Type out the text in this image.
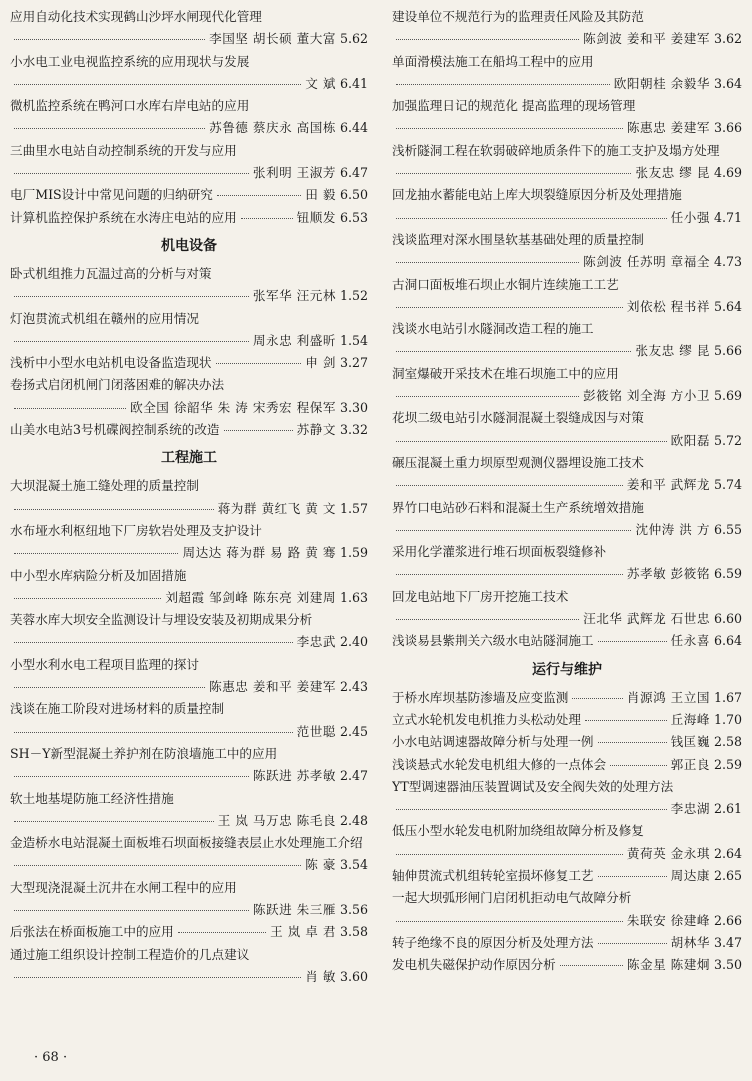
应用自动化技术实现鹤山沙坪水闸现代化管理
李国坚 胡长硕 董大富 5.62
小水电工业电视监控系统的应用现状与发展
文 斌 6.41
微机监控系统在鸭河口水库右岸电站的应用
苏鲁德 蔡庆永 高国栋 6.44
三曲里水电站自动控制系统的开发与应用
张利明 王淑芳 6.47
电厂MIS设计中常见问题的归纳研究	田 毅 6.50
计算机监控保护系统在水涛庄电站的应用	钮顺发 6.53
机电设备
卧式机组推力瓦温过高的分析与对策
张军华 汪元林 1.52
灯泡贯流式机组在赣州的应用情况
周永忠 利盛昕 1.54
浅析中小型水电站机电设备监造现状	申 剑 3.27
卷扬式启闭机闸门闭落困难的解决办法
欧全国 徐韶华 朱 涛 宋秀宏 程保军 3.30
山美水电站3号机碟阀控制系统的改造	苏静文 3.32
工程施工
大坝混凝土施工缝处理的质量控制
蒋为群 黄红飞 黄 文 1.57
水布垭水利枢纽地下厂房软岩处理及支护设计
周达达 蒋为群 易 路 黄 骞 1.59
中小型水库病险分析及加固措施
刘超霞 邹剑峰 陈东亮 刘建周 1.63
芙蓉水库大坝安全监测设计与埋设安装及初期成果分析
李忠武 2.40
小型水利水电工程项目监理的探讨
陈惠忠 姜和平 姜建军 2.43
浅谈在施工阶段对进场材料的质量控制
范世聪 2.45
SH－Y新型混凝土养护剂在防浪墙施工中的应用
陈跃进 苏孝敏 2.47
软土地基堤防施工经济性措施
王 岚 马万忠 陈毛良 2.48
金造桥水电站混凝土面板堆石坝面板接缝表层止水处理施工介绍
陈 豪 3.54
大型现浇混凝土沉井在水闸工程中的应用
陈跃进 朱三雁 3.56
后张法在桥面板施工中的应用	王 岚 卓 君 3.58
通过施工组织设计控制工程造价的几点建议
肖 敏 3.60
建设单位不规范行为的监理责任风险及其防范
陈剑波 姜和平 姜建军 3.62
单面滑模法施工在船坞工程中的应用
欧阳朝桂 余毅华 3.64
加强监理日记的规范化 提高监理的现场管理
陈惠忠 姜建军 3.66
浅析隧洞工程在软弱破碎地质条件下的施工支护及塌方处理
张友忠 缪 昆 4.69
回龙抽水蓄能电站上库大坝裂缝原因分析及处理措施
任小强 4.71
浅谈监理对深水围垦软基基础处理的质量控制
陈剑波 任苏明 章福全 4.73
古洞口面板堆石坝止水铜片连续施工工艺
刘依松 程书祥 5.64
浅谈水电站引水隧洞改造工程的施工
张友忠 缪 昆 5.66
洞室爆破开采技术在堆石坝施工中的应用
彭筱铭 刘全海 方小卫 5.69
花坝二级电站引水隧洞混凝土裂缝成因与对策
欧阳磊 5.72
碾压混凝土重力坝原型观测仪器埋设施工技术
姜和平 武辉龙 5.74
界竹口电站砂石料和混凝土生产系统增效措施
沈仲涛 洪 方 6.55
采用化学灌浆进行堆石坝面板裂缝修补
苏孝敏 彭筱铭 6.59
回龙电站地下厂房开挖施工技术
汪北华 武辉龙 石世忠 6.60
浅谈易县紫荆关六级水电站隧洞施工	任永喜 6.64
运行与维护
于桥水库坝基防渗墙及应变监测	肖源鸿 王立国 1.67
立式水轮机发电机推力头松动处理	丘海峰 1.70
小水电站调速器故障分析与处理一例	钱匡巍 2.58
浅谈悬式水轮发电机组大修的一点体会	郭正良 2.59
YT型调速器油压装置调试及安全阀失效的处理方法
李忠湖 2.61
低压小型水轮发电机附加绕组故障分析及修复
黄荷英 金永琪 2.64
轴伸贯流式机组转轮室损坏修复工艺	周达康 2.65
一起大坝弧形闸门启闭机拒动电气故障分析
朱联安 徐建峰 2.66
转子绝缘不良的原因分析及处理方法	胡林华 3.47
发电机失磁保护动作原因分析	陈金星 陈建炯 3.50
· 68 ·
